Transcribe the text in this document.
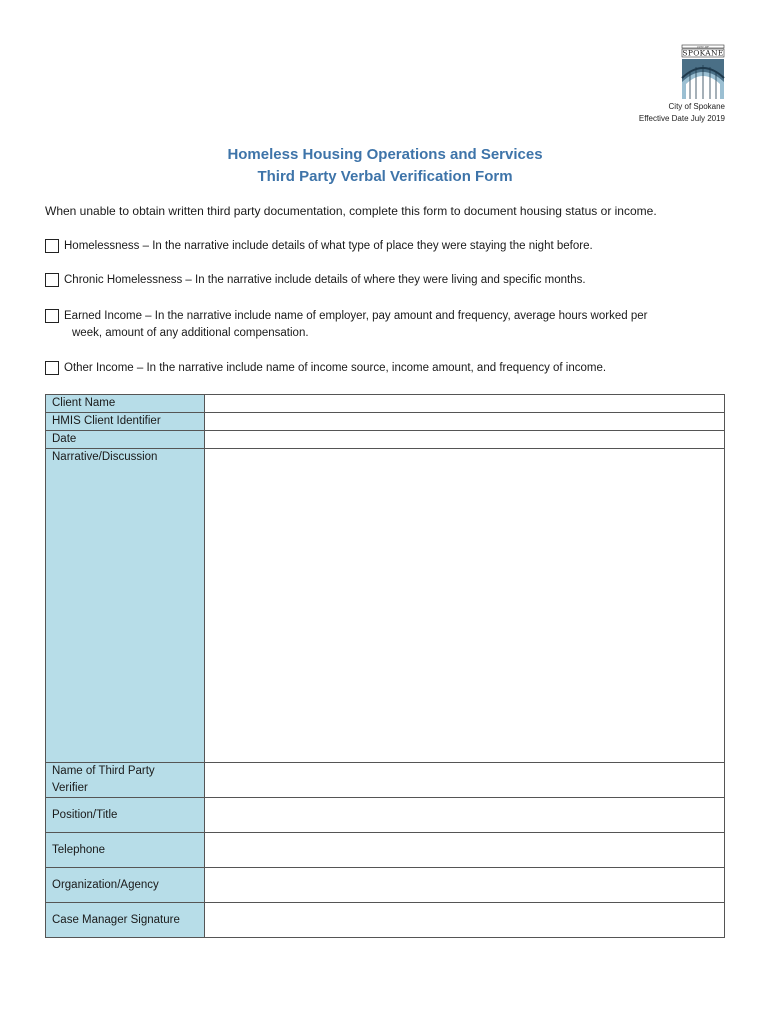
CITY OF
SPOKANE
City of Spokane
Effective Date July 2019
Homeless Housing Operations and Services
Third Party Verbal Verification Form
When unable to obtain written third party documentation, complete this form to document housing status or income.
Homelessness – In the narrative include details of what type of place they were staying the night before.
Chronic Homelessness – In the narrative include details of where they were living and specific months.
Earned Income – In the narrative include name of employer, pay amount and frequency, average hours worked per
week, amount of any additional compensation.
Other Income – In the narrative include name of income source, income amount, and frequency of income.
Client Name	
HMIS Client Identifier	
Date	
Narrative/Discussion	

Name of Third Party
Verifier	

Position/Title	
Telephone	
Organization/Agency	
Case Manager Signature	
